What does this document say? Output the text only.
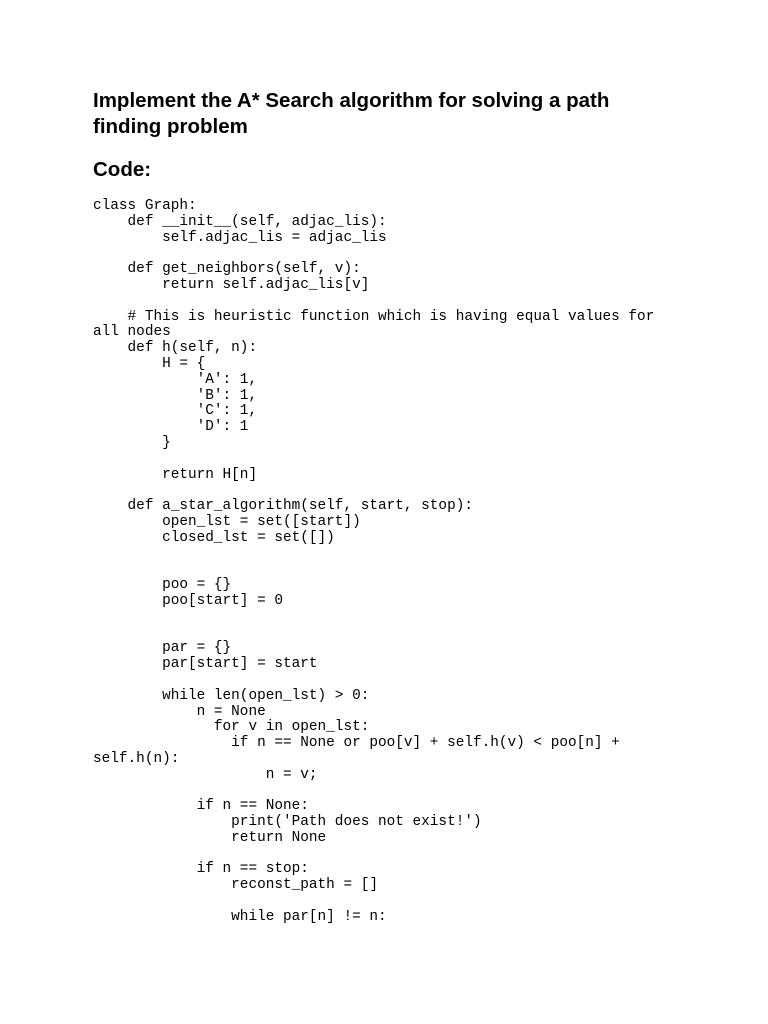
Implement the A* Search algorithm for solving a path
finding problem
Code:
class Graph:
def __init__(self, adjac_lis):
self.adjac_lis = adjac_lis
def get_neighbors(self, v):
return self.adjac_lis[v]
# This is heuristic function which is having equal values for
all nodes
def h(self, n):
H = {
'A': 1,
'B': 1,
'C': 1,
'D': 1
}
return H[n]
def a_star_algorithm(self, start, stop):
open_lst = set([start])
closed_lst = set([])
poo = {}
poo[start] = 0
par = {}
par[start] = start
while len(open_lst) > 0:
n = None
for v in open_lst:
if n == None or poo[v] + self.h(v) < poo[n] +
self.h(n):
n = v;
if n == None:
print('Path does not exist!')
return None
if n == stop:
reconst_path = []
while par[n] != n:
